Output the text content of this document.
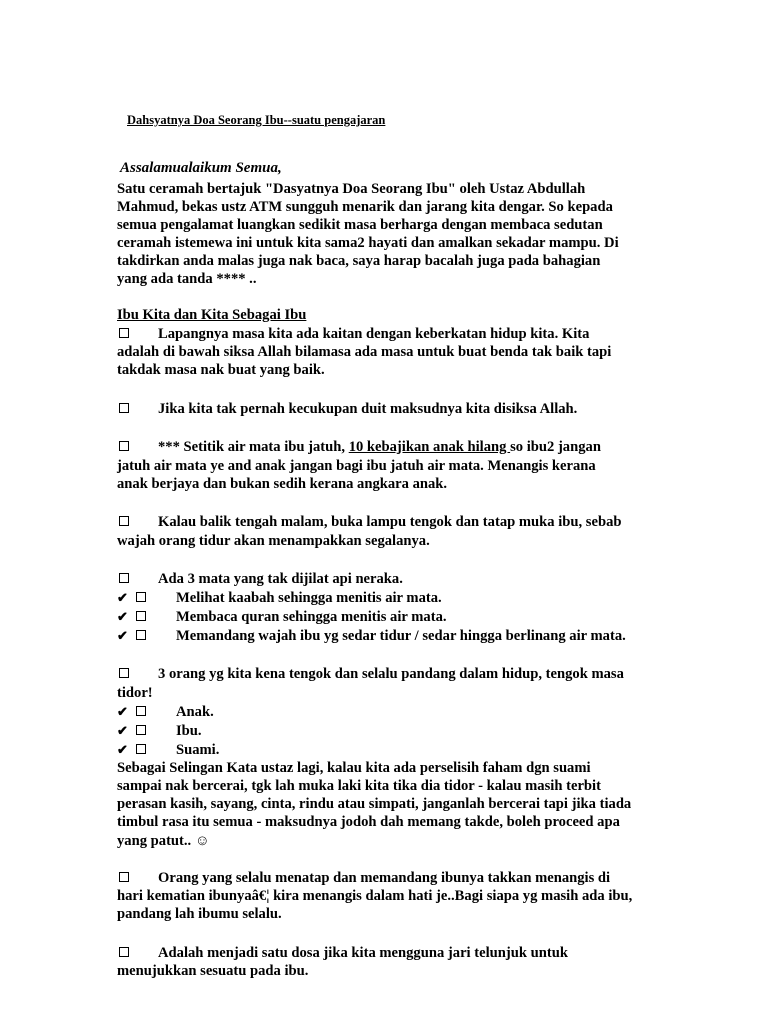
Dahsyatnya Doa Seorang Ibu--suatu pengajaran
Assalamualaikum Semua,
Satu ceramah bertajuk "Dasyatnya Doa Seorang Ibu" oleh Ustaz Abdullah
Mahmud, bekas ustz ATM sungguh menarik dan jarang kita dengar. So kepada
semua pengalamat luangkan sedikit masa berharga dengan membaca sedutan
ceramah istemewa ini untuk kita sama2 hayati dan amalkan sekadar mampu. Di
takdirkan anda malas juga nak baca, saya harap bacalah juga pada bahagian
yang ada tanda **** ..
Ibu Kita dan Kita Sebagai Ibu
Lapangnya masa kita ada kaitan dengan keberkatan hidup kita. Kita
adalah di bawah siksa Allah bilamasa ada masa untuk buat benda tak baik tapi
takdak masa nak buat yang baik.
Jika kita tak pernah kecukupan duit maksudnya kita disiksa Allah.
*** Setitik air mata ibu jatuh, 10 kebajikan anak hilang so ibu2 jangan
jatuh air mata ye and anak jangan bagi ibu jatuh air mata. Menangis kerana
anak berjaya dan bukan sedih kerana angkara anak.
Kalau balik tengah malam, buka lampu tengok dan tatap muka ibu, sebab
wajah orang tidur akan menampakkan segalanya.
Ada 3 mata yang tak dijilat api neraka.
✔	Melihat kaabah sehingga menitis air mata.
✔	Membaca quran sehingga menitis air mata.
✔	Memandang wajah ibu yg sedar tidur / sedar hingga berlinang air mata.
3 orang yg kita kena tengok dan selalu pandang dalam hidup, tengok masa
tidor!
✔	Anak.
✔	Ibu.
✔	Suami.
Sebagai Selingan Kata ustaz lagi, kalau kita ada perselisih faham dgn suami
sampai nak bercerai, tgk lah muka laki kita tika dia tidor - kalau masih terbit
perasan kasih, sayang, cinta, rindu atau simpati, janganlah bercerai tapi jika tiada
timbul rasa itu semua - maksudnya jodoh dah memang takde, boleh proceed apa
yang patut.. ☺
Orang yang selalu menatap dan memandang ibunya takkan menangis di
hari kematian ibunyaâ€¦ kira menangis dalam hati je..Bagi siapa yg masih ada ibu,
pandang lah ibumu selalu.
Adalah menjadi satu dosa jika kita mengguna jari telunjuk untuk
menujukkan sesuatu pada ibu.
